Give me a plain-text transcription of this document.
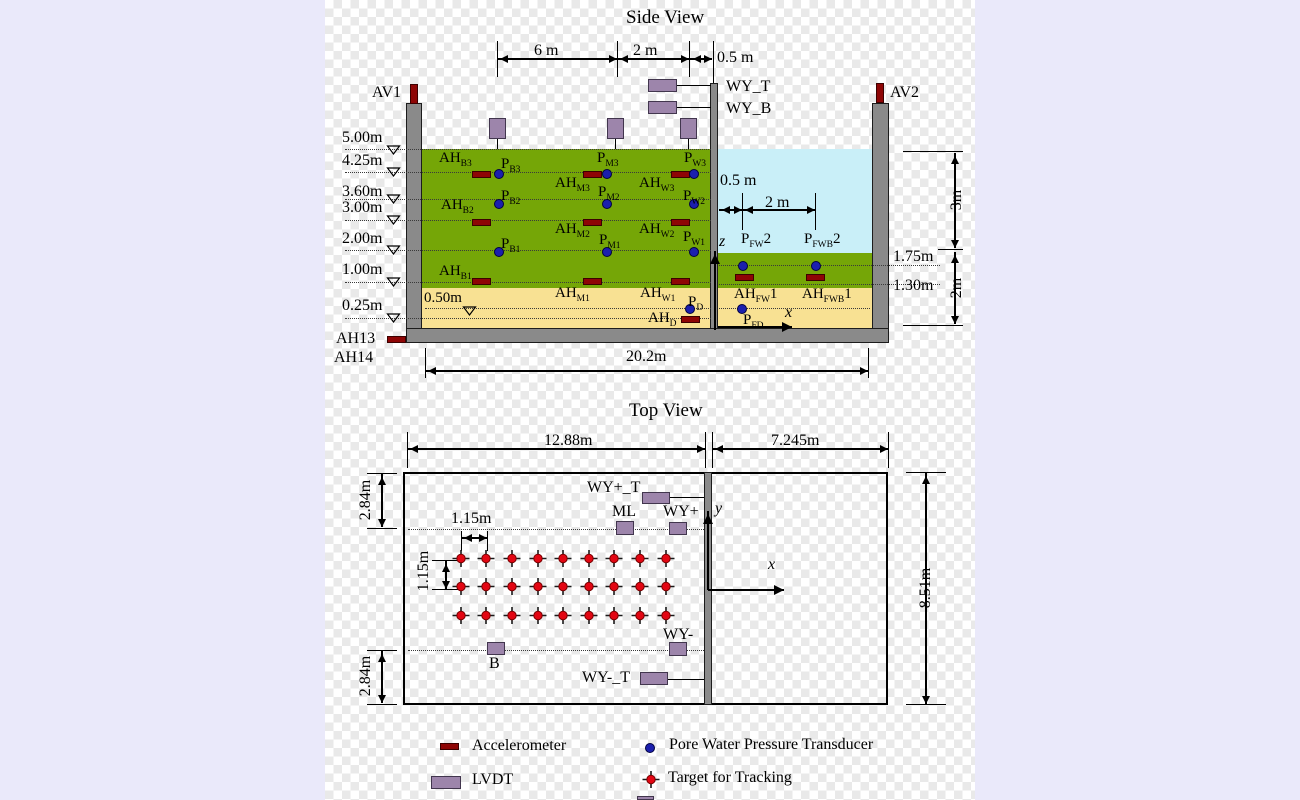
Side View
AV1	AV2
6 m	2 m	0.5 m
WY_T
WY_B
5.00m
4.25m
3.60m
3.00m
2.00m
1.00m
0.25m
AH13
AH14
0.50m
0.5 m
2 m
z
x
1.75m
1.30m
3m
2m
20.2m
$AH_{B3}$ $P_{B3}$
$P_{M3}$
$AH_{M3}$
$P_{W3}$
$AH_{W3}$
$AH_{B2}$
$P_{B2}$
$P_{M2}$
$AH_{M2}$
$P_{W2}$
$AH_{W2}$
$P_{B1}$
$AH_{B1}$
$P_{M1}$
$AH_{M1}$
$P_{W1}$
$AH_{W1}$ $P_D$
$AH_D$	$P_{FD}$
$P_{FW}2$ $P_{FWB}2$
$AH_{FW}1$ $AH_{FWB}1$
Top View
12.88m	7.245m
8.51m
2.84m
2.84m
1.15m
1.15m
WY+_T
ML WY+
WY-
B
WY-_T
y
x
Accelerometer	Pore Water Pressure Transducer
LVDT	Target for Tracking
